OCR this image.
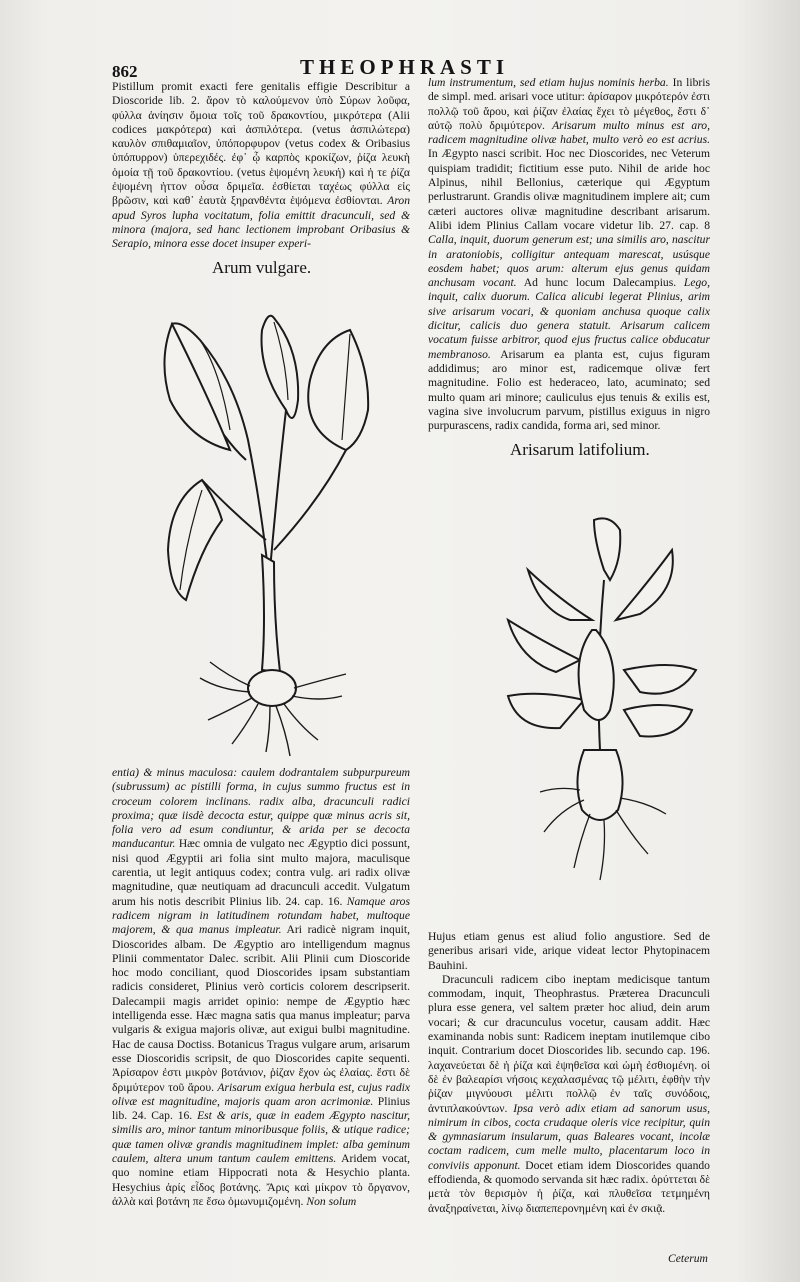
862	THEOPHRASTI

Pistillum promit exacti fere genitalis effigie Describitur a Dioscoride lib. 2. ἄρον τὸ καλούμενον ὑπὸ Σύρων λοῦφα, φύλλα ἀνίησιν ὅμοια τοῖς τοῦ δρακοντίου, μικρότερα (Alii codices μακρότερα) καὶ ἀσπιλότερα. (vetus ἀσπιλώτερα) καυλὸν σπιθαμιαῖον, ὑπόπορφυρον (vetus codex & Oribasius ὑπόπυρρον) ὑπερεχιδές. ἐφ᾽ ᾧ καρπὸς κροκίζων, ῥίζα λευκὴ ὁμοία τῇ τοῦ δρακοντίου. (vetus ἑψομένη λευκή) καὶ ἡ τε ῥίζα ἐψομένη ἡττον οὖσα δριμεῖα. ἐσθίεται ταχέως φύλλα εἰς βρῶσιν, καὶ καθ᾽ ἑαυτὰ ξηρανθέντα ἑψόμενα ἐσθίονται. Aron apud Syros lupha vocitatum, folia emittit dracunculi, sed & minora (majora, sed hanc lectionem improbant Oribasius & Serapio, minora esse docet insuper experi-

lum instrumentum, sed etiam hujus nominis herba. In libris de simpl. med. arisari voce utitur: ἀρίσαρον μικρότερόν ἐστι πολλῷ τοῦ ἄρου, καὶ ῥίζαν ἐλαίας ἔχει τὸ μέγεθος, ἔστι δ᾽ αὐτῷ πολὺ δριμύτερον. Arisarum multo minus est aro, radicem magnitudine olivæ habet, multo verò eo est acrius. In Ægypto nasci scribit. Hoc nec Dioscorides, nec Veterum quispiam tradidit; fictitium esse puto. Nihil de aride hoc Alpinus, nihil Bellonius, cæterique qui Ægyptum perlustrarunt. Grandis olivæ magnitudinem implere ait; cum cæteri auctores olivæ magnitudine describant arisarum. Alibi idem Plinius Callam vocare videtur lib. 27. cap. 8 Calla, inquit, duorum generum est; una similis aro, nascitur in aratoniobis, colligitur antequam marescat, usúsque eosdem habet; quos arum: alterum ejus genus quidam anchusam vocant. Ad hunc locum Dalecampius. Lego, inquit, calix duorum. Calica alicubi legerat Plinius, arim sive arisarum vocari, & quoniam anchusa quoque calix dicitur, calicis duo genera statuit. Arisarum calicem vocatum fuisse arbitror, quod ejus fructus calice obducatur membranoso. Arisarum ea planta est, cujus figuram addidimus; aro minor est, radicemque olivæ fert magnitudine. Folio est hederaceo, lato, acuminato; sed multo quam ari minore; cauliculus ejus tenuis & exilis est, vagina sive involucrum parvum, pistillus exiguus in nigro purpurascens, radix candida, forma ari, sed minor.

Arum vulgare.
Arisarum latifolium.

entia) & minus maculosa: caulem dodrantalem subpurpureum (subrussum) ac pistilli forma, in cujus summo fructus est in croceum colorem inclinans. radix alba, dracunculi radici proxima; quæ iisdè decocta estur, quippe quæ minus acris sit, folia vero ad esum condiuntur, & arida per se decocta manducantur. Hæc omnia de vulgato nec Ægyptio dici possunt, nisi quod Ægyptii ari folia sint multo majora, maculisque carentia, ut legit antiquus codex; contra vulg. ari radix olivæ magnitudine, quæ neutiquam ad dracunculi accedit. Vulgatum arum his notis describit Plinius lib. 24. cap. 16. Namque aros radicem nigram in latitudinem rotundam habet, multoque majorem, & qua manus impleatur. Ari radicè nigram inquit, Dioscorides albam. De Ægyptio aro intelligendum magnus Plinii commentator Dalec. scribit. Alii Plinii cum Dioscoride hoc modo conciliant, quod Dioscorides ipsam substantiam radicis consideret, Plinius verò corticis colorem descripserit. Dalecampii magis arridet opinio: nempe de Ægyptio hæc intelligenda esse. Hæc magna satis qua manus impleatur; parva vulgaris & exigua majoris olivæ, aut exigui bulbi magnitudine. Hac de causa Doctiss. Botanicus Tragus vulgare arum, arisarum esse Dioscoridis scripsit, de quo Dioscorides capite sequenti. Ἀρίσαρον ἐστι μικρὸν βοτάνιον, ῥίζαν ἔχον ὡς ἐλαίας. ἔστι δὲ δριμύτερον τοῦ ἄρου. Arisarum exigua herbula est, cujus radix olivæ est magnitudine, majoris quam aron acrimoniæ. Plinius lib. 24. Cap. 16. Est & aris, quæ in eadem Ægypto nascitur, similis aro, minor tantum minoribusque foliis, & utique radice; quæ tamen olivæ grandis magnitudinem implet: alba geminum caulem, altera unum tantum caulem emittens. Aridem vocat, quo nomine etiam Hippocrati nota & Hesychio planta. Hesychius ἀρίς εἶδος βοτάνης. Ἄρις καὶ μίκρον τὸ ὄργανον, ἀλλὰ καὶ βοτάνη πε ἔσω ὁμωνυμιζομένη. Non solum

Hujus etiam genus est aliud folio angustiore. Sed de generibus arisari vide, arique videat lector Phytopinacem Bauhini.

Dracunculi radicem cibo ineptam medicisque tantum commodam, inquit, Theophrastus. Præterea Dracunculi plura esse genera, vel saltem præter hoc aliud, dein arum vocari; & cur dracunculus vocetur, causam addit. Hæc examinanda nobis sunt: Radicem ineptam inutilemque cibo inquit. Contrarium docet Dioscorides lib. secundo cap. 196. λαχανεύεται δὲ ἡ ῥίζα καὶ ἑψηθεῖσα καὶ ὠμὴ ἐσθιομένη. οἱ δὲ ἐν βαλεαρίσι νήσοις κεχαλασμένας τῷ μέλιτι, ἐφθὴν τὴν ῥίζαν μιγνύουσι μέλιτι πολλῷ ἐν ταῖς συνόδοις, ἀντιπλακούντων. Ipsa verò adix etiam ad sanorum usus, nimirum in cibos, cocta crudaque oleris vice recipitur, quin & gymnasiarum insularum, quas Baleares vocant, incolæ coctam radicem, cum melle multo, placentarum loco in conviviis apponunt. Docet etiam idem Dioscorides quando effodienda, & quomodo servanda sit hæc radix. ὀρύττεται δὲ μετὰ τὸν θερισμὸν ἡ ῥίζα, καὶ πλυθεῖσα τετμημένη ἀναξηραίνεται, λίνῳ διαπεπερονημένη καὶ ἐν σκιᾷ.

Ceterum
